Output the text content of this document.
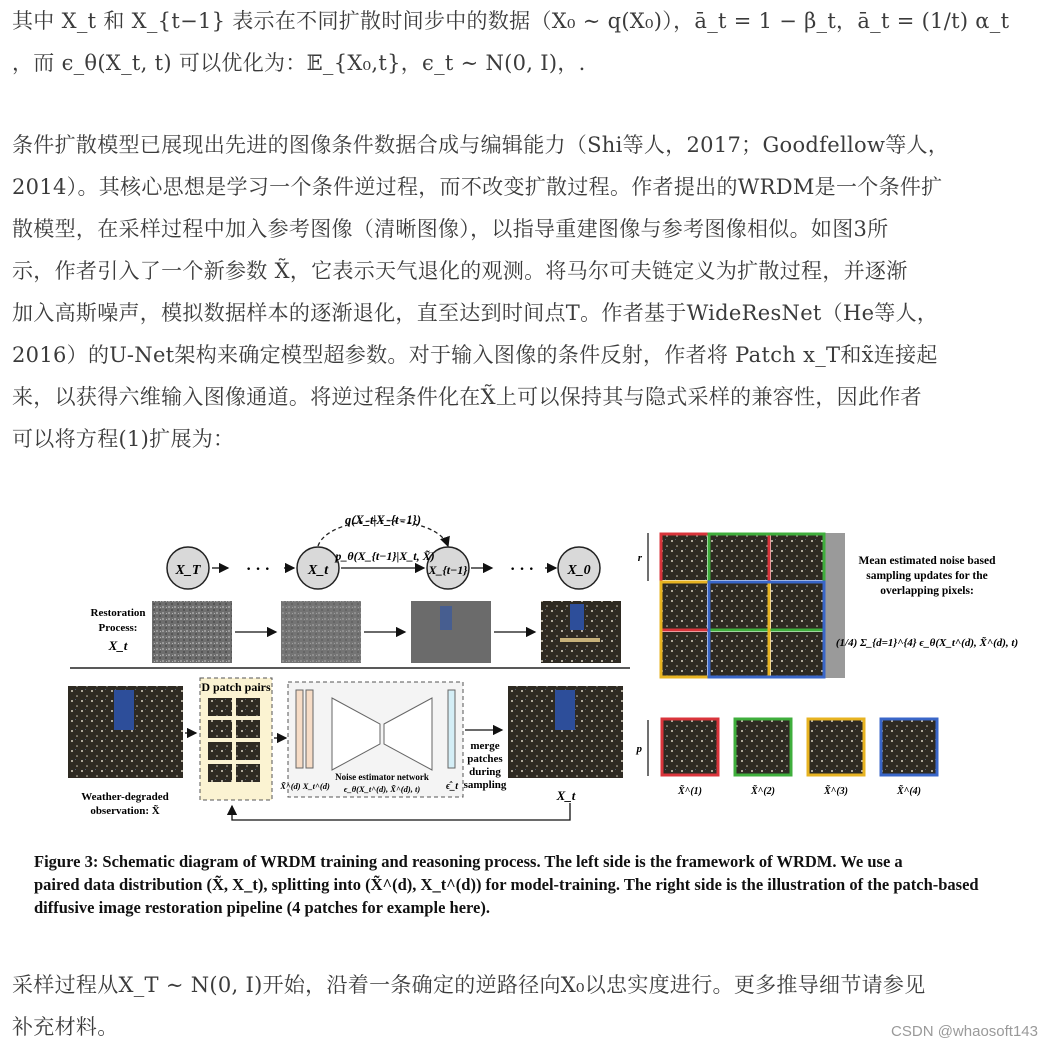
其中 X_t 和 X_{t−1} 表示在不同扩散时间步中的数据（X₀ ∼ q(X₀)），ā_t = 1 − β_t，ā_t = (1/t) α_t
，而 ϵ_θ(X_t, t) 可以优化为：𝔼_{X₀,t}，ϵ_t ∼ N(0, I)，.
条件扩散模型已展现出先进的图像条件数据合成与编辑能力（Shi等人，2017；Goodfellow等人，
2014）。其核心思想是学习一个条件逆过程，而不改变扩散过程。作者提出的WRDM是一个条件扩
散模型，在采样过程中加入参考图像（清晰图像），以指导重建图像与参考图像相似。如图3所
示，作者引入了一个新参数 X̃，它表示天气退化的观测。将马尔可夫链定义为扩散过程，并逐渐
加入高斯噪声，模拟数据样本的逐渐退化，直至达到时间点T。作者基于WideResNet（He等人，
2016）的U-Net架构来确定模型超参数。对于输入图像的条件反射，作者将 Patch x_T和x̃连接起
来，以获得六维输入图像通道。将逆过程条件化在X̃上可以保持其与隐式采样的兼容性，因此作者
可以将方程(1)扩展为：
X_T	· · ·	X_t	X_{t−1}	· · · X_0
q(X_t|X_{t−1})
p_θ(X_{t−1}|X_t, X̃)
Restoration
Process:
X_t
Weather-degraded
observation: X̃
D patch pairs
X̃^(d) X_t^(d)
Noise estimator network
ϵ_θ(X_t^(d), X̃^(d), t)	ϵ̂_t
merge
patches
during
sampling
X_t
r	Mean estimated noise based
sampling updates for the
overlapping pixels:
(1/4) Σ_{d=1}^{4} ϵ_θ(X_t^(d), X̃^(d), t)
p
X̃^(1)	X̃^(2)	X̃^(3)	X̃^(4)
Figure 3: Schematic diagram of WRDM training and reasoning process. The left side is the framework of WRDM. We use a
paired data distribution (X̃, X_t), splitting into (X̃^(d), X_t^(d)) for model-training. The right side is the illustration of the patch-based
diffusive image restoration pipeline (4 patches for example here).
采样过程从X_T ∼ N(0, I)开始，沿着一条确定的逆路径向X₀以忠实度进行。更多推导细节请参见
补充材料。	CSDN @whaosoft143
